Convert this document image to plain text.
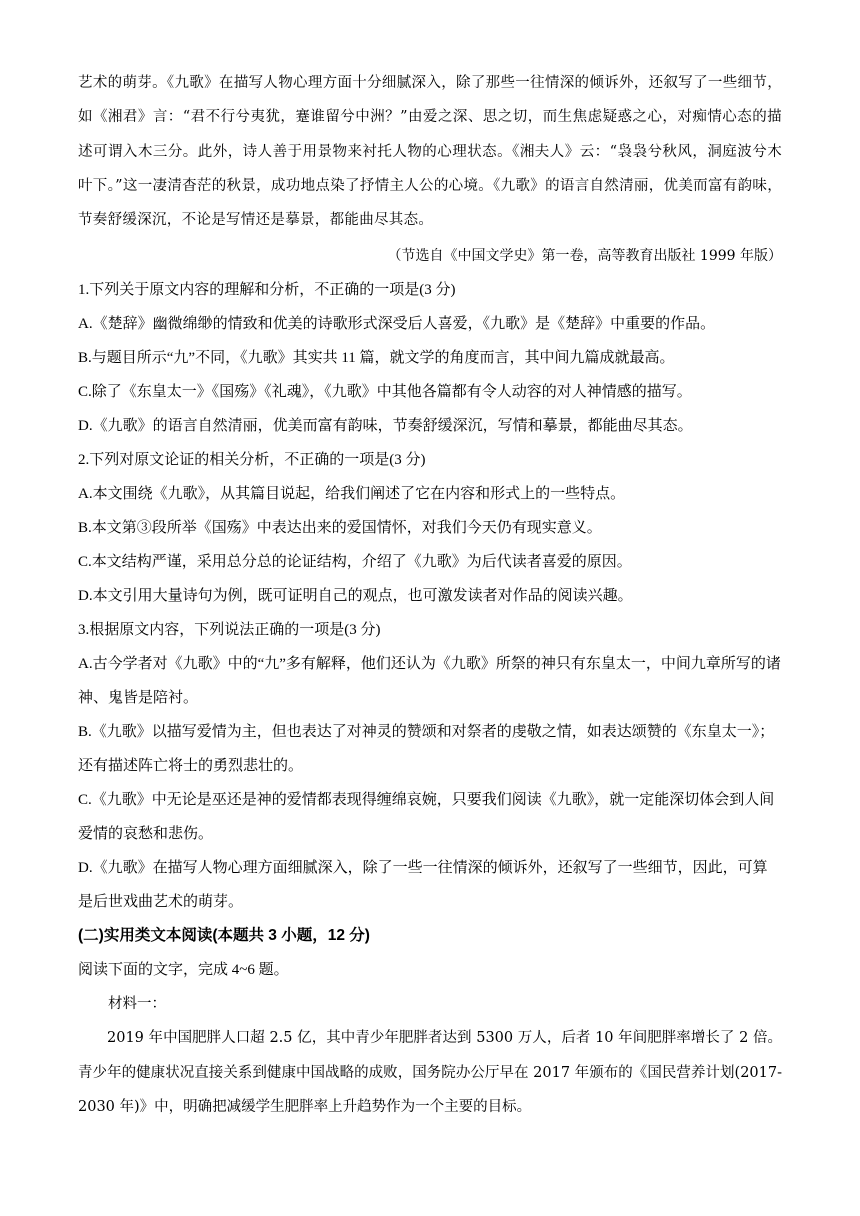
艺术的萌芽。《九歌》在描写人物心理方面十分细腻深入，除了那些一往情深的倾诉外，还叙写了一些细节，如《湘君》言：“君不行兮夷犹，蹇谁留兮中洲？”由爱之深、思之切，而生焦虑疑惑之心，对痴情心态的描述可谓入木三分。此外，诗人善于用景物来衬托人物的心理状态。《湘夫人》云：“袅袅兮秋风，洞庭波兮木叶下。”这一凄清杳茫的秋景，成功地点染了抒情主人公的心境。《九歌》的语言自然清丽，优美而富有韵味，节奏舒缓深沉，不论是写情还是摹景，都能曲尽其态。

（节选自《中国文学史》第一卷，高等教育出版社 1999 年版）

1.下列关于原文内容的理解和分析，不正确的一项是(3 分)

A.《楚辞》幽微绵缈的情致和优美的诗歌形式深受后人喜爱，《九歌》是《楚辞》中重要的作品。

B.与题目所示“九”不同，《九歌》其实共 11 篇，就文学的角度而言，其中间九篇成就最高。

C.除了《东皇太一》《国殇》《礼魂》，《九歌》中其他各篇都有令人动容的对人神情感的描写。

D.《九歌》的语言自然清丽，优美而富有韵味，节奏舒缓深沉，写情和摹景，都能曲尽其态。

2.下列对原文论证的相关分析，不正确的一项是(3 分)

A.本文围绕《九歌》，从其篇目说起，给我们阐述了它在内容和形式上的一些特点。

B.本文第③段所举《国殇》中表达出来的爱国情怀，对我们今天仍有现实意义。

C.本文结构严谨，采用总分总的论证结构，介绍了《九歌》为后代读者喜爱的原因。

D.本文引用大量诗句为例，既可证明自己的观点，也可激发读者对作品的阅读兴趣。

3.根据原文内容，下列说法正确的一项是(3 分)

A.古今学者对《九歌》中的“九”多有解释，他们还认为《九歌》所祭的神只有东皇太一，中间九章所写的诸神、鬼皆是陪衬。

B.《九歌》以描写爱情为主，但也表达了对神灵的赞颂和对祭者的虔敬之情，如表达颂赞的《东皇太一》；还有描述阵亡将士的勇烈悲壮的。

C.《九歌》中无论是巫还是神的爱情都表现得缠绵哀婉，只要我们阅读《九歌》，就一定能深切体会到人间爱情的哀愁和悲伤。

D.《九歌》在描写人物心理方面细腻深入，除了一些一往情深的倾诉外，还叙写了一些细节，因此，可算是后世戏曲艺术的萌芽。

(二)实用类文本阅读(本题共 3 小题，12 分)

阅读下面的文字，完成 4~6 题。

材料一：

2019 年中国肥胖人口超 2.5 亿，其中青少年肥胖者达到 5300 万人，后者 10 年间肥胖率增长了 2 倍。青少年的健康状况直接关系到健康中国战略的成败，国务院办公厅早在 2017 年颁布的《国民营养计划(2017-2030 年)》中，明确把减缓学生肥胖率上升趋势作为一个主要的目标。
